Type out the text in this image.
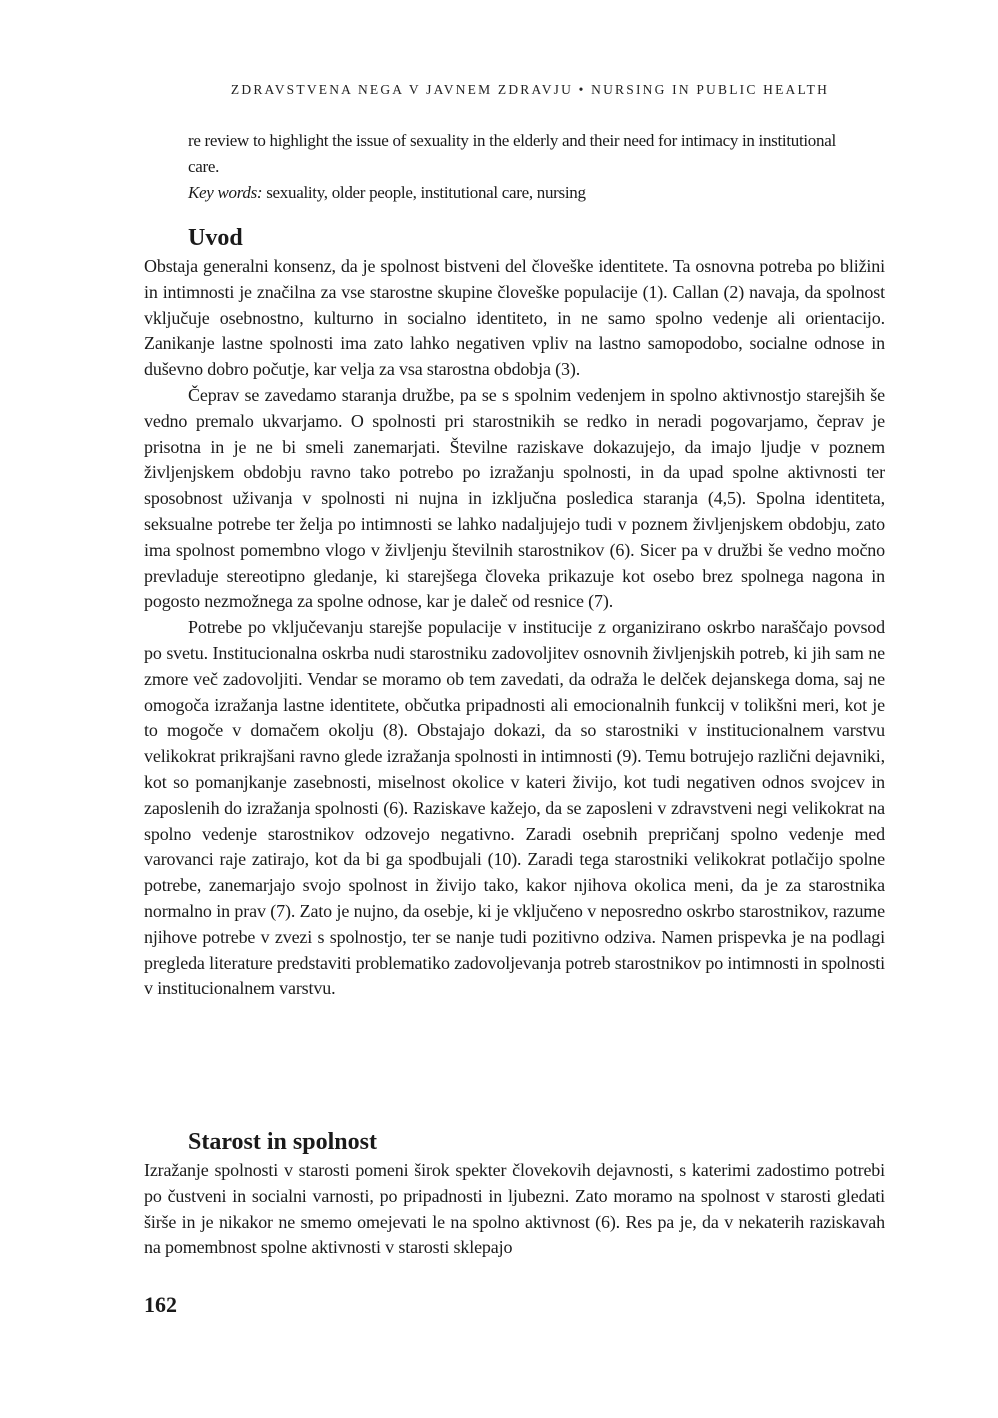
ZDRAVSTVENA NEGA V JAVNEM ZDRAVJU • NURSING IN PUBLIC HEALTH

re review to highlight the issue of sexuality in the elderly and their need for intimacy in institutional care.

Key words: sexuality, older people, institutional care, nursing

Uvod

Obstaja generalni konsenz, da je spolnost bistveni del človeške identitete. Ta osnovna potreba po bližini in intimnosti je značilna za vse starostne skupine človeške populacije (1). Callan (2) navaja, da spolnost vključuje osebnostno, kulturno in socialno identiteto, in ne samo spolno vedenje ali orientacijo. Zanikanje lastne spolnosti ima zato lahko negativen vpliv na lastno samopodobo, socialne odnose in duševno dobro počutje, kar velja za vsa starostna obdobja (3).

Čeprav se zavedamo staranja družbe, pa se s spolnim vedenjem in spolno aktivnostjo starejših še vedno premalo ukvarjamo. O spolnosti pri starostnikih se redko in neradi pogovarjamo, čeprav je prisotna in je ne bi smeli zanemarjati. Številne raziskave dokazujejo, da imajo ljudje v poznem življenjskem obdobju ravno tako potrebo po izražanju spolnosti, in da upad spolne aktivnosti ter sposobnost uživanja v spolnosti ni nujna in izključna posledica staranja (4,5). Spolna identiteta, seksualne potrebe ter želja po intimnosti se lahko nadaljujejo tudi v poznem življenjskem obdobju, zato ima spolnost pomembno vlogo v življenju številnih starostnikov (6). Sicer pa v družbi še vedno močno prevladuje stereotipno gledanje, ki starejšega človeka prikazuje kot osebo brez spolnega nagona in pogosto nezmožnega za spolne odnose, kar je daleč od resnice (7).

Potrebe po vključevanju starejše populacije v institucije z organizirano oskrbo naraščajo povsod po svetu. Institucionalna oskrba nudi starostniku zadovoljitev osnovnih življenjskih potreb, ki jih sam ne zmore več zadovoljiti. Vendar se moramo ob tem zavedati, da odraža le delček dejanskega doma, saj ne omogoča izražanja lastne identitete, občutka pripadnosti ali emocionalnih funkcij v tolikšni meri, kot je to mogoče v domačem okolju (8). Obstajajo dokazi, da so starostniki v institucionalnem varstvu velikokrat prikrajšani ravno glede izražanja spolnosti in intimnosti (9). Temu botrujejo različni dejavniki, kot so pomanjkanje zasebnosti, miselnost okolice v kateri živijo, kot tudi negativen odnos svojcev in zaposlenih do izražanja spolnosti (6). Raziskave kažejo, da se zaposleni v zdravstveni negi velikokrat na spolno vedenje starostnikov odzovejo negativno. Zaradi osebnih prepričanj spolno vedenje med varovanci raje zatirajo, kot da bi ga spodbujali (10). Zaradi tega starostniki velikokrat potlačijo spolne potrebe, zanemarjajo svojo spolnost in živijo tako, kakor njihova okolica meni, da je za starostnika normalno in prav (7). Zato je nujno, da osebje, ki je vključeno v neposredno oskrbo starostnikov, razume njihove potrebe v zvezi s spolnostjo, ter se nanje tudi pozitivno odziva. Namen prispevka je na podlagi pregleda literature predstaviti problematiko zadovoljevanja potreb starostnikov po intimnosti in spolnosti v institucionalnem varstvu.

Starost in spolnost

Izražanje spolnosti v starosti pomeni širok spekter človekovih dejavnosti, s katerimi zadostimo potrebi po čustveni in socialni varnosti, po pripadnosti in ljubezni. Zato moramo na spolnost v starosti gledati širše in je nikakor ne smemo omejevati le na spolno aktivnost (6). Res pa je, da v nekaterih raziskavah na pomembnost spolne aktivnosti v starosti sklepajo

162
